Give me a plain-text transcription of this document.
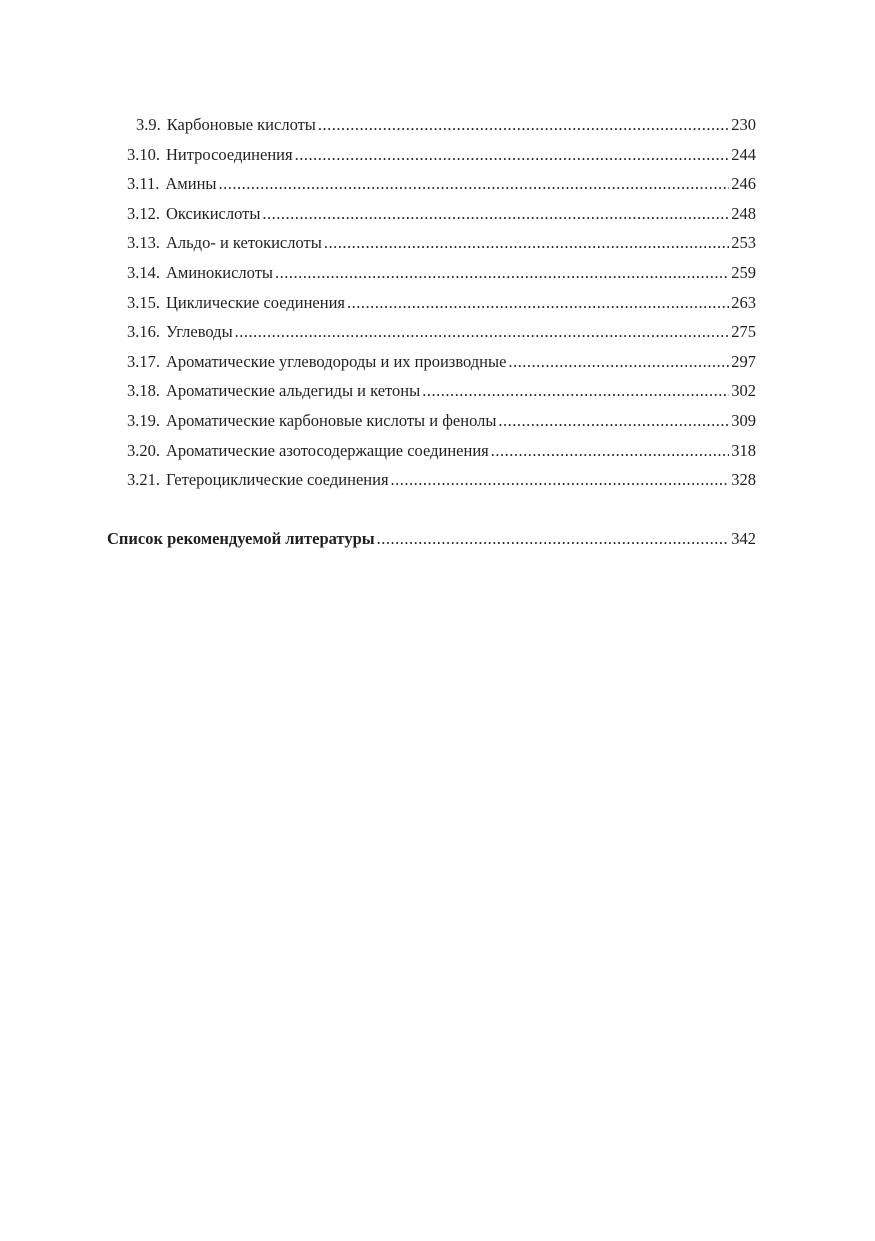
3.9. Карбоновые кислоты .....	230
3.10. Нитросоединения .....	244
3.11. Амины .....	246
3.12. Оксикислоты .....	248
3.13. Альдо- и кетокислоты .....	253
3.14. Аминокислоты .....	259
3.15. Циклические соединения .....	263
3.16. Углеводы .....	275
3.17. Ароматические углеводороды и их производные .....	297
3.18. Ароматические альдегиды и кетоны .....	302
3.19. Ароматические карбоновые кислоты и фенолы .....	309
3.20. Ароматические азотосодержащие соединения .....	318
3.21. Гетероциклические соединения .....	328
Список рекомендуемой литературы .....	342
